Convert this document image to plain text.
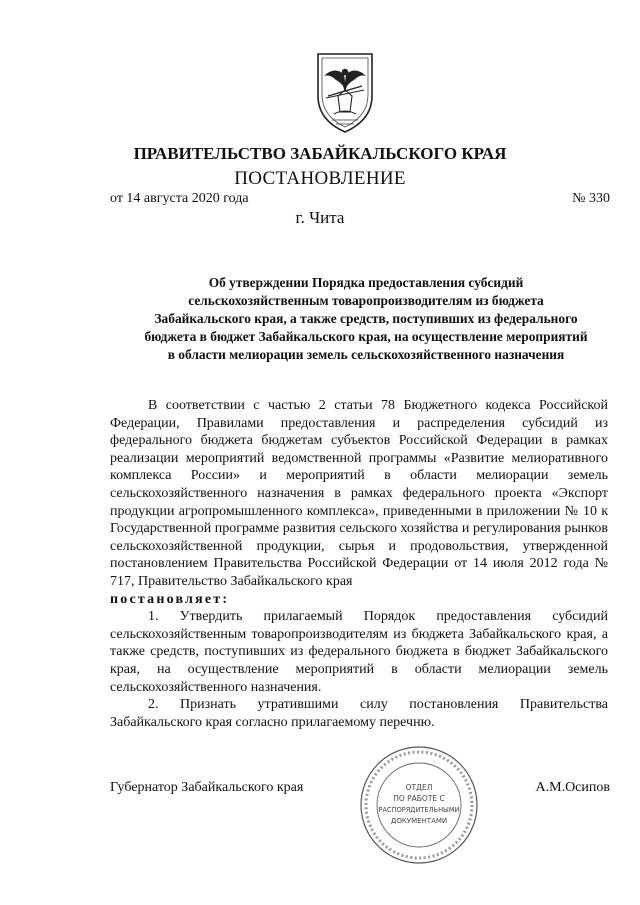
ПРАВИТЕЛЬСТВО ЗАБАЙКАЛЬСКОГО КРАЯ
ПОСТАНОВЛЕНИЕ
от 14 августа 2020 года	№ 330
г. Чита
Об утверждении Порядка предоставления субсидий
сельскохозяйственным товаропроизводителям из бюджета
Забайкальского края, а также средств, поступивших из федерального
бюджета в бюджет Забайкальского края, на осуществление мероприятий
в области мелиорации земель сельскохозяйственного назначения

В соответствии с частью 2 статьи 78 Бюджетного кодекса Российской Федерации, Правилами предоставления и распределения субсидий из федерального бюджета бюджетам субъектов Российской Федерации в рамках реализации мероприятий ведомственной программы «Развитие мелиоративного комплекса России» и мероприятий в области мелиорации земель сельскохозяйственного назначения в рамках федерального проекта «Экспорт продукции агропромышленного комплекса», приведенными в приложении № 10 к Государственной программе развития сельского хозяйства и регулирования рынков сельскохозяйственной продукции, сырья и продовольствия, утвержденной постановлением Правительства Российской Федерации от 14 июля 2012 года № 717, Правительство Забайкальского края

постановляет:

1. Утвердить прилагаемый Порядок предоставления субсидий сельскохозяйственным товаропроизводителям из бюджета Забайкальского края, а также средств, поступивших из федерального бюджета в бюджет Забайкальского края, на осуществление мероприятий в области мелиорации земель сельскохозяйственного назначения.

2. Признать утратившими силу постановления Правительства Забайкальского края согласно прилагаемому перечню.

Губернатор Забайкальского края	А.М.Осипов
ОТДЕЛ
ПО РАБОТЕ С
РАСПОРЯДИТЕЛЬНЫМИ
ДОКУМЕНТАМИ
